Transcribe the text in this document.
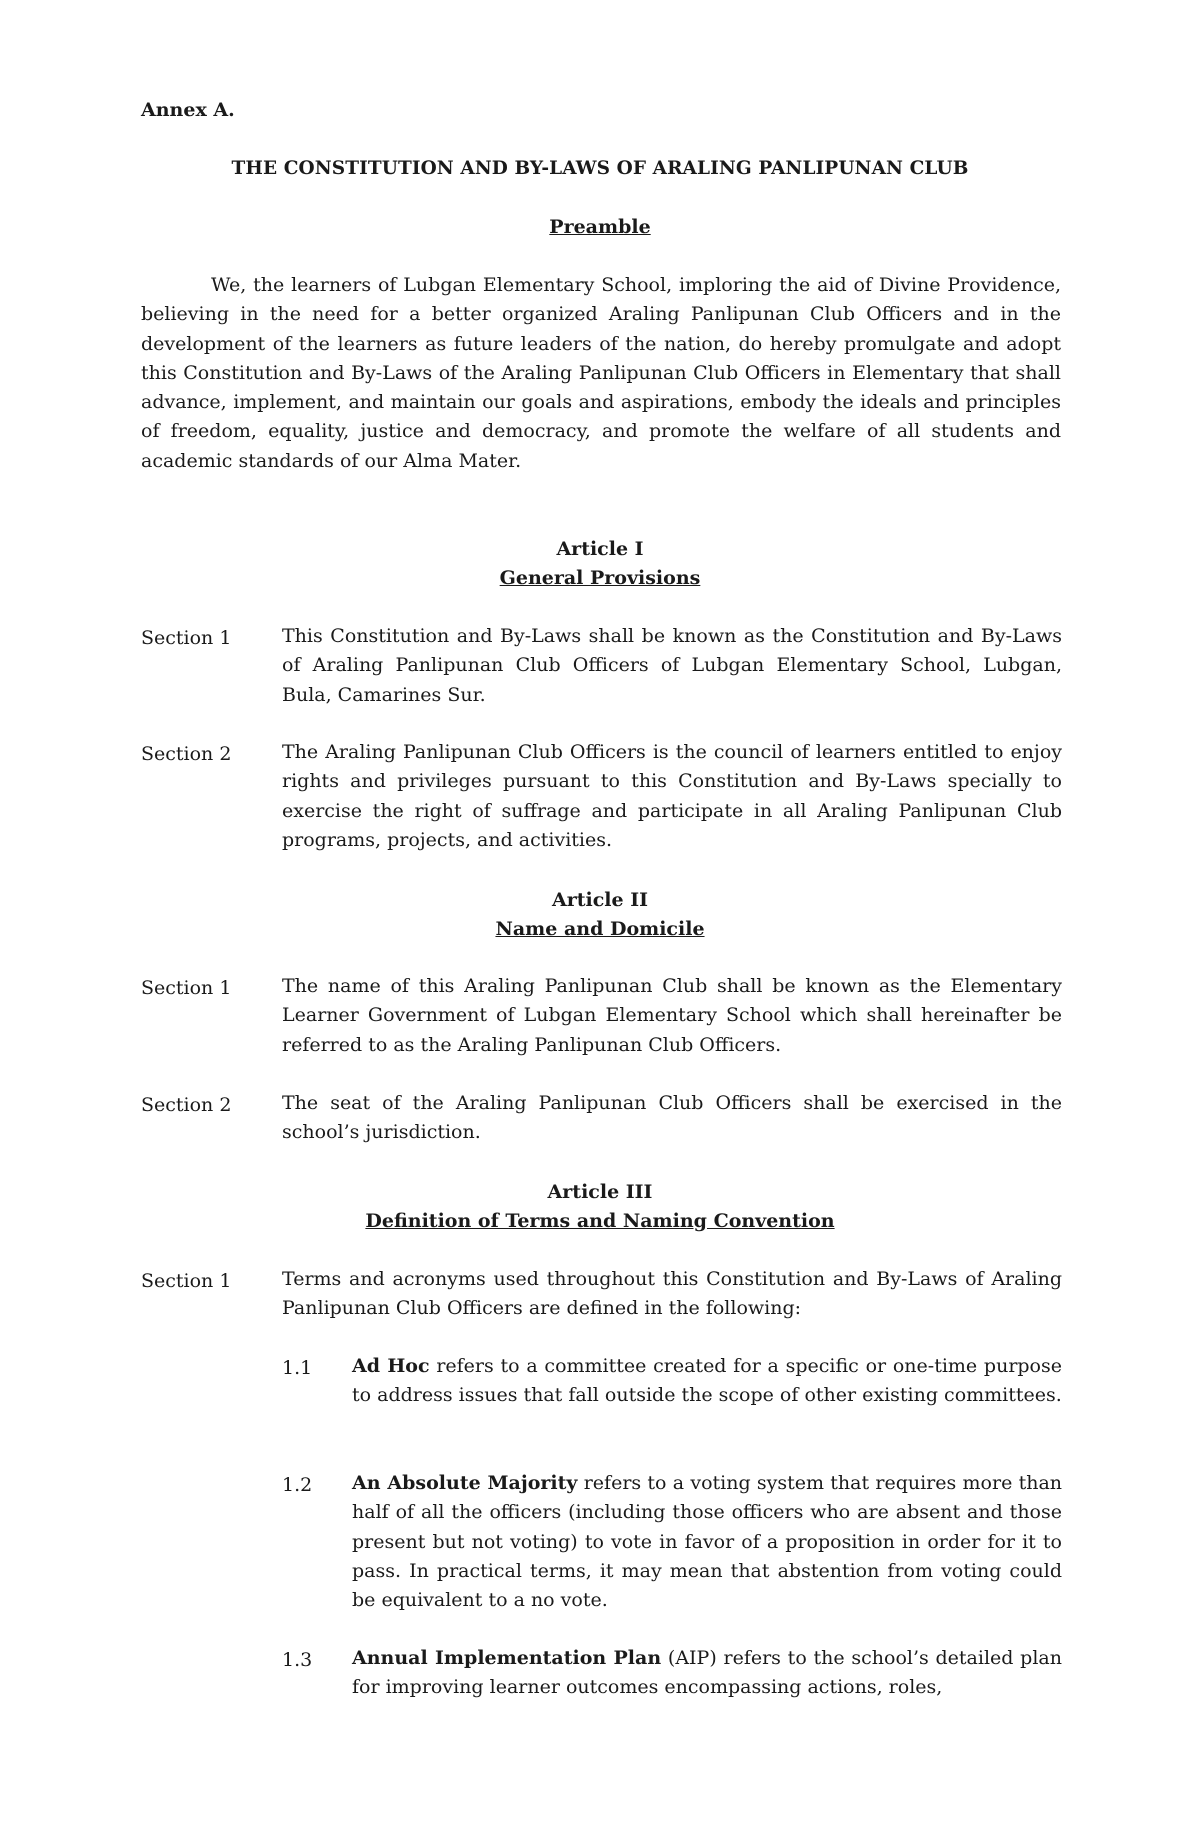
Annex A.
THE CONSTITUTION AND BY-LAWS OF ARALING PANLIPUNAN CLUB
Preamble
We, the learners of Lubgan Elementary School, imploring the aid of Divine Providence, believing in the need for a better organized Araling Panlipunan Club Officers and in the development of the learners as future leaders of the nation, do hereby promulgate and adopt this Constitution and By-Laws of the Araling Panlipunan Club Officers in Elementary that shall advance, implement, and maintain our goals and aspirations, embody the ideals and principles of freedom, equality, justice and democracy, and promote the welfare of all students and academic standards of our Alma Mater.
Article I
General Provisions
Section 1	This Constitution and By-Laws shall be known as the Constitution and By-Laws of Araling Panlipunan Club Officers of Lubgan Elementary School, Lubgan, Bula, Camarines Sur.
Section 2	The Araling Panlipunan Club Officers is the council of learners entitled to enjoy rights and privileges pursuant to this Constitution and By-Laws specially to exercise the right of suffrage and participate in all Araling Panlipunan Club programs, projects, and activities.
Article II
Name and Domicile
Section 1	The name of this Araling Panlipunan Club shall be known as the Elementary Learner Government of Lubgan Elementary School which shall hereinafter be referred to as the Araling Panlipunan Club Officers.
Section 2	The seat of the Araling Panlipunan Club Officers shall be exercised in the school’s jurisdiction.
Article III
Definition of Terms and Naming Convention
Section 1	Terms and acronyms used throughout this Constitution and By-Laws of Araling Panlipunan Club Officers are defined in the following:
1.1 Ad Hoc refers to a committee created for a specific or one-time purpose to address issues that fall outside the scope of other existing committees.
1.2 An Absolute Majority refers to a voting system that requires more than half of all the officers (including those officers who are absent and those present but not voting) to vote in favor of a proposition in order for it to pass. In practical terms, it may mean that abstention from voting could be equivalent to a no vote.
1.3 Annual Implementation Plan (AIP) refers to the school’s detailed plan for improving learner outcomes encompassing actions, roles,
